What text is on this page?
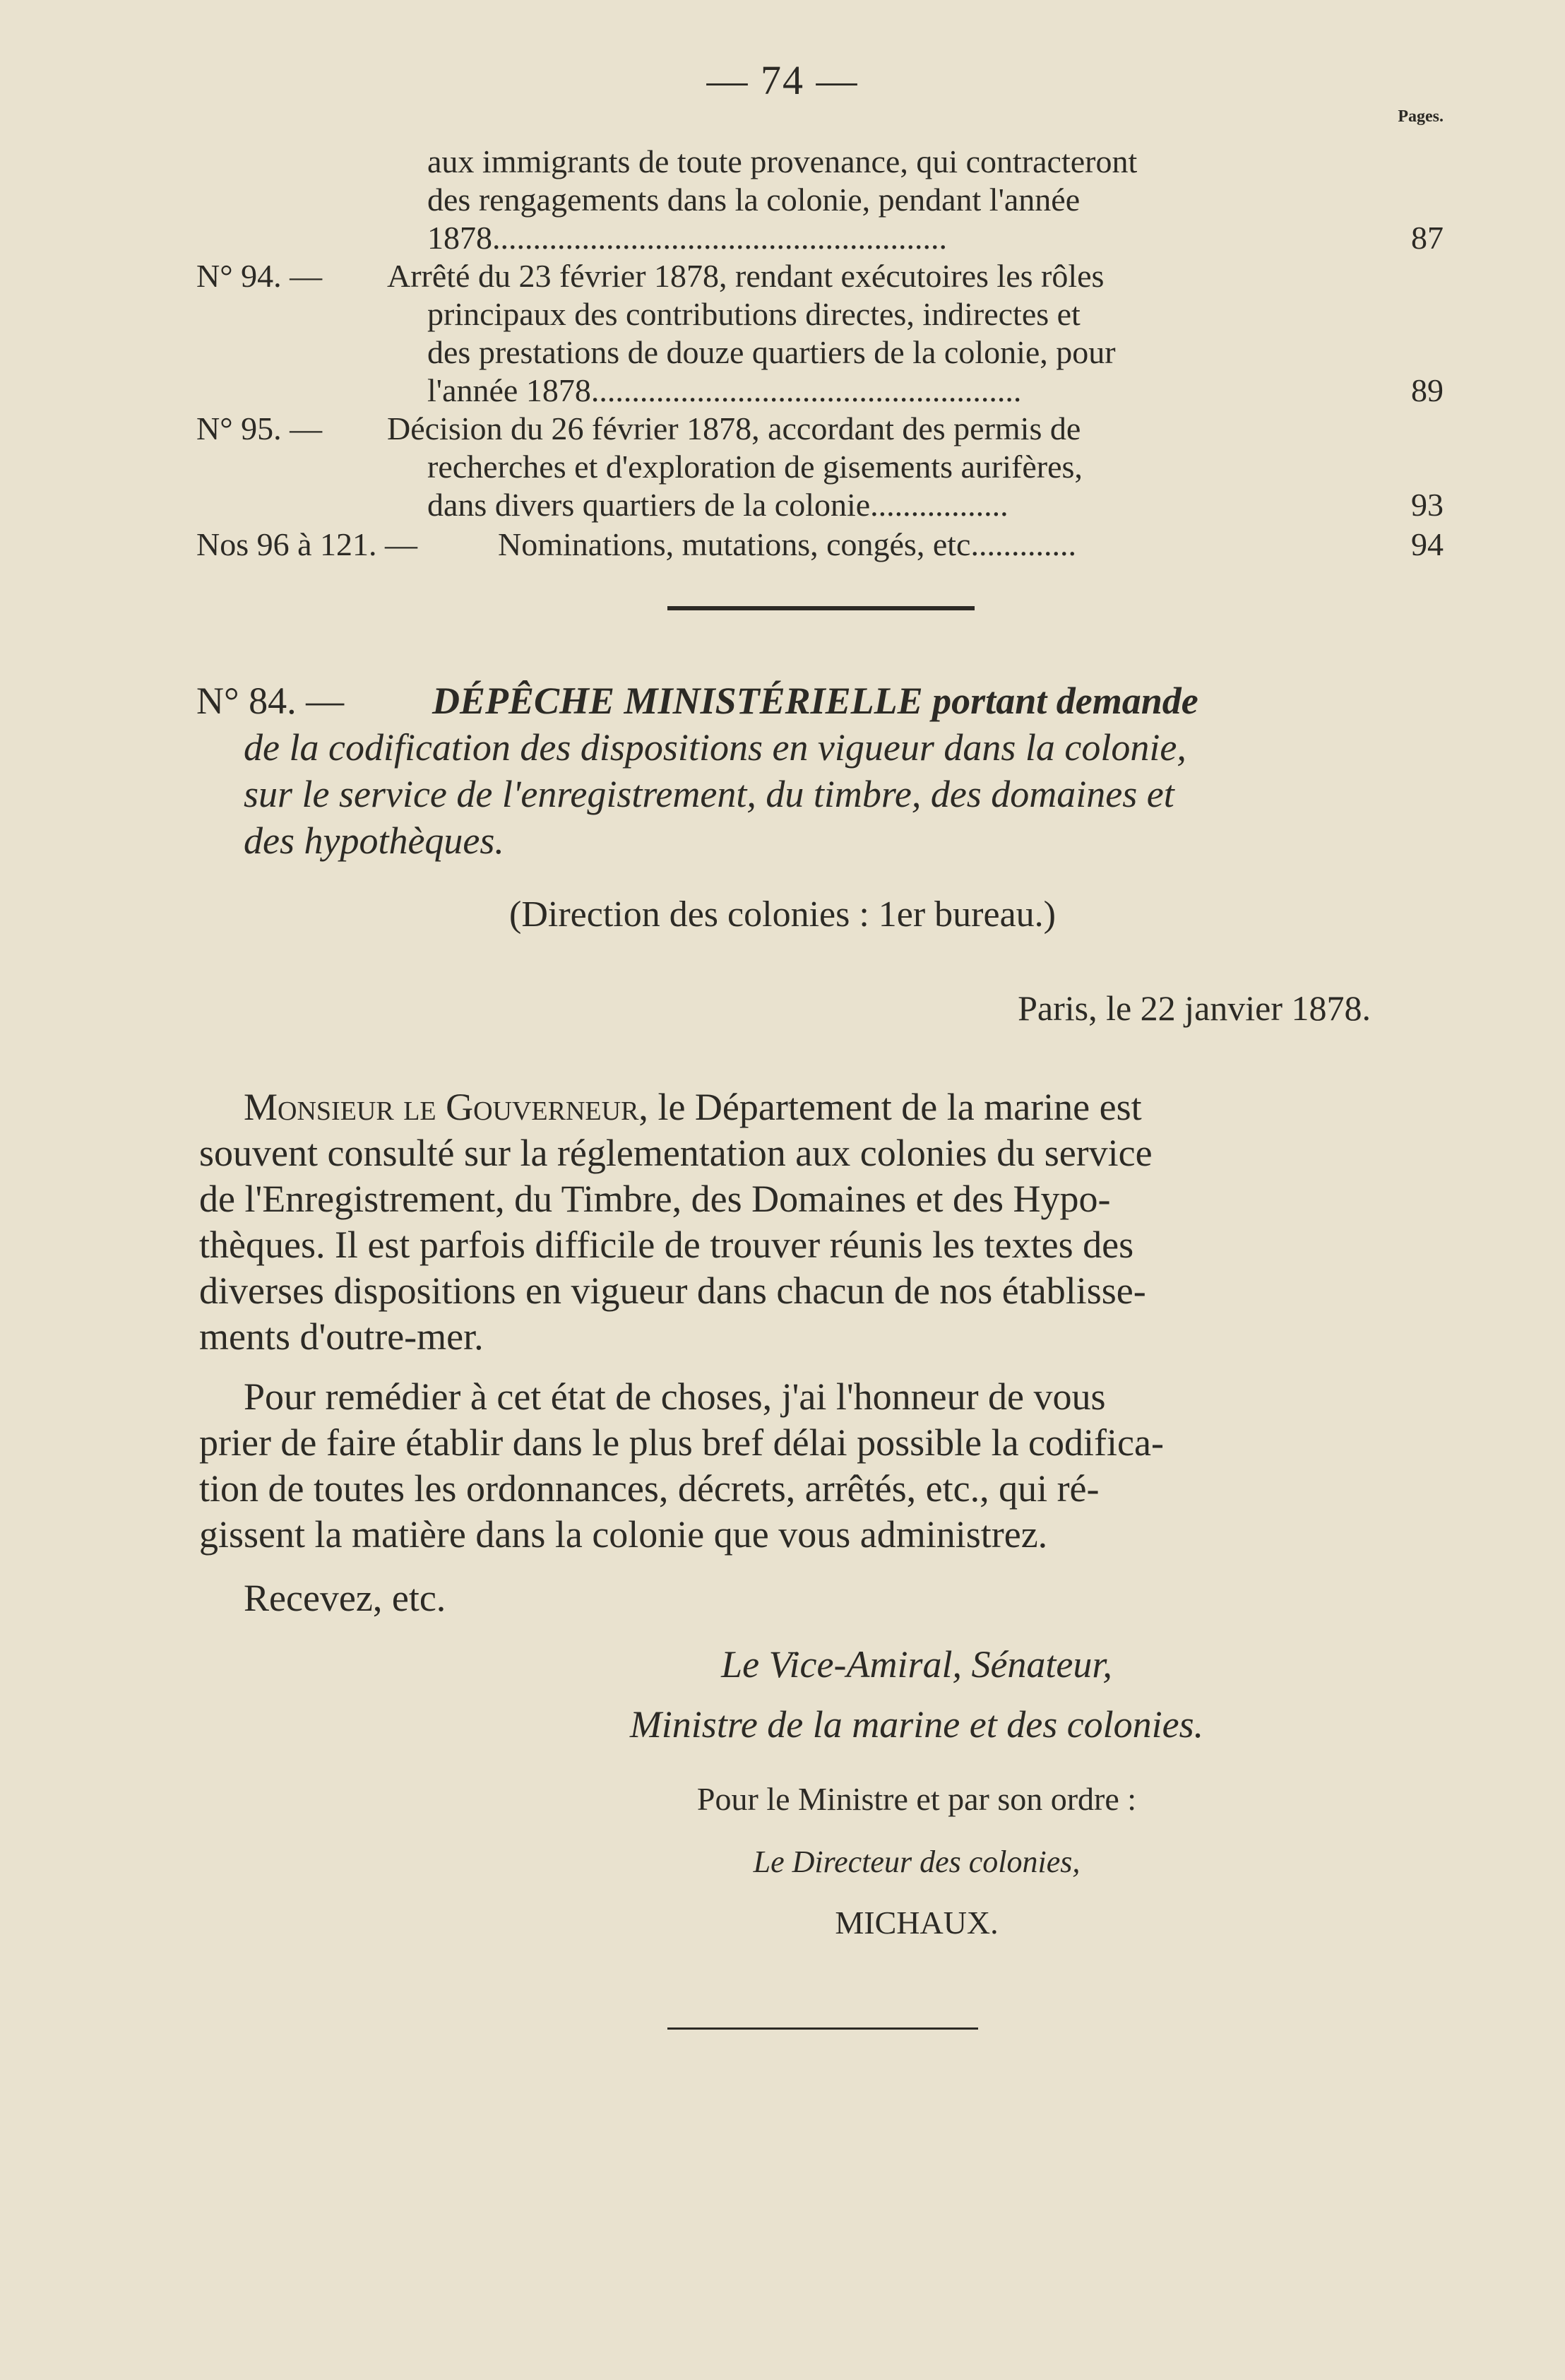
— 74 —
Pages.

aux immigrants de toute provenance, qui contracteront

des rengagements dans la colonie, pendant l'année

1878........................................................	87

N° 94. — Arrêté du 23 février 1878, rendant exécutoires les rôles

principaux des contributions directes, indirectes et

des prestations de douze quartiers de la colonie, pour

l'année 1878.....................................................	89

N° 95. — Décision du 26 février 1878, accordant des permis de

recherches et d'exploration de gisements aurifères,

dans divers quartiers de la colonie.................	93

Nos 96 à 121. — Nominations, mutations, congés, etc.............	94

N° 84. — DÉPÊCHE MINISTÉRIELLE portant demande

de la codification des dispositions en vigueur dans la colonie,

sur le service de l'enregistrement, du timbre, des domaines et

des hypothèques.

(Direction des colonies : 1er bureau.)

Paris, le 22 janvier 1878.

Monsieur le Gouverneur, le Département de la marine est

souvent consulté sur la réglementation aux colonies du service

de l'Enregistrement, du Timbre, des Domaines et des Hypo-

thèques. Il est parfois difficile de trouver réunis les textes des

diverses dispositions en vigueur dans chacun de nos établisse-

ments d'outre-mer.

Pour remédier à cet état de choses, j'ai l'honneur de vous

prier de faire établir dans le plus bref délai possible la codifica-

tion de toutes les ordonnances, décrets, arrêtés, etc., qui ré-

gissent la matière dans la colonie que vous administrez.

Recevez, etc.

Le Vice-Amiral, Sénateur,

Ministre de la marine et des colonies.

Pour le Ministre et par son ordre :

Le Directeur des colonies,

MICHAUX.
